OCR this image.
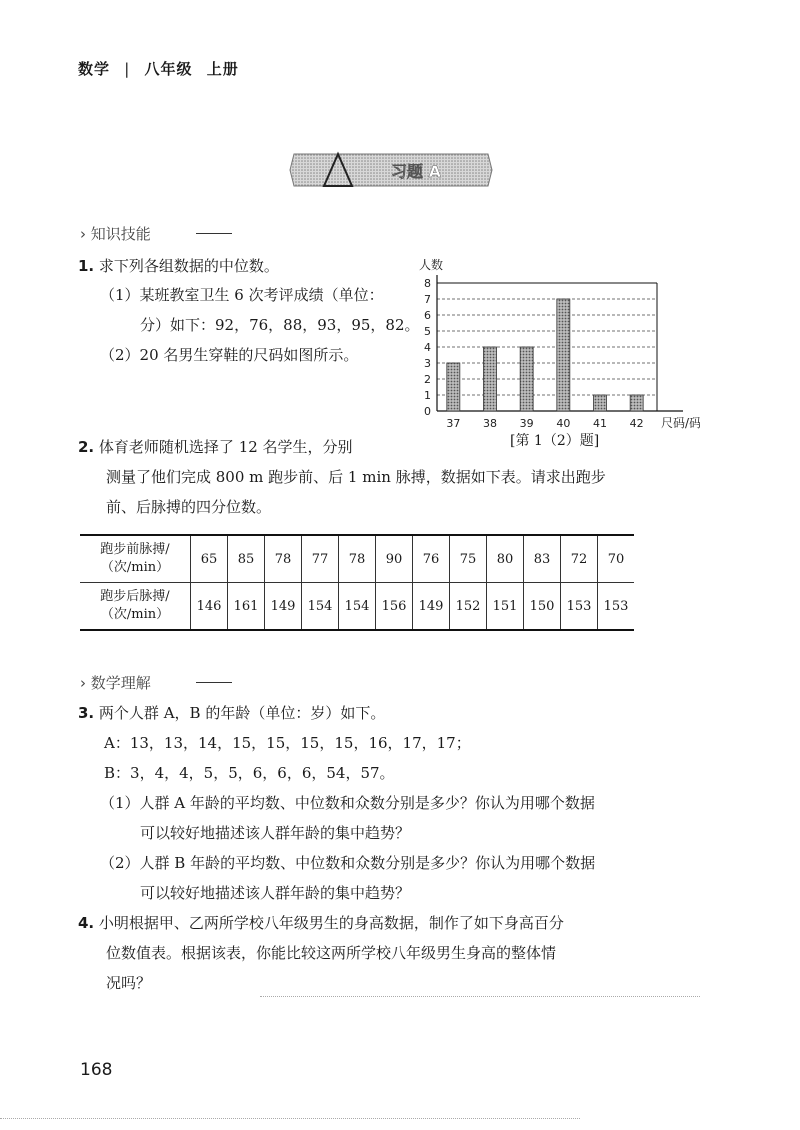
数学 | 八年级 上册
习题 A
› 知识技能
1. 求下列各组数据的中位数。
（1）某班教室卫生 6 次考评成绩（单位：
分）如下：92，76，88，93，95，82。
（2）20 名男生穿鞋的尺码如图所示。
0
1
2
3
4
5
6
7
8
人数
尺码/码
37 38 39 40 41 42
[第 1（2）题]
2. 体育老师随机选择了 12 名学生，分别
测量了他们完成 800 m 跑步前、后 1 min 脉搏，数据如下表。请求出跑步
前、后脉搏的四分位数。
跑步前脉搏/
（次/min）	65	85	78	77	78	90	76	75	80	83	72	70
跑步后脉搏/
（次/min）	146	161	149	154	154	156	149	152	151	150	153	153
› 数学理解
3. 两个人群 A，B 的年龄（单位：岁）如下。
A：13，13，14，15，15，15，15，16，17，17；
B：3，4，4，5，5，6，6，6，54，57。
（1）人群 A 年龄的平均数、中位数和众数分别是多少？你认为用哪个数据
可以较好地描述该人群年龄的集中趋势？
（2）人群 B 年龄的平均数、中位数和众数分别是多少？你认为用哪个数据
可以较好地描述该人群年龄的集中趋势？
4. 小明根据甲、乙两所学校八年级男生的身高数据，制作了如下身高百分
位数值表。根据该表，你能比较这两所学校八年级男生身高的整体情
况吗？
168
